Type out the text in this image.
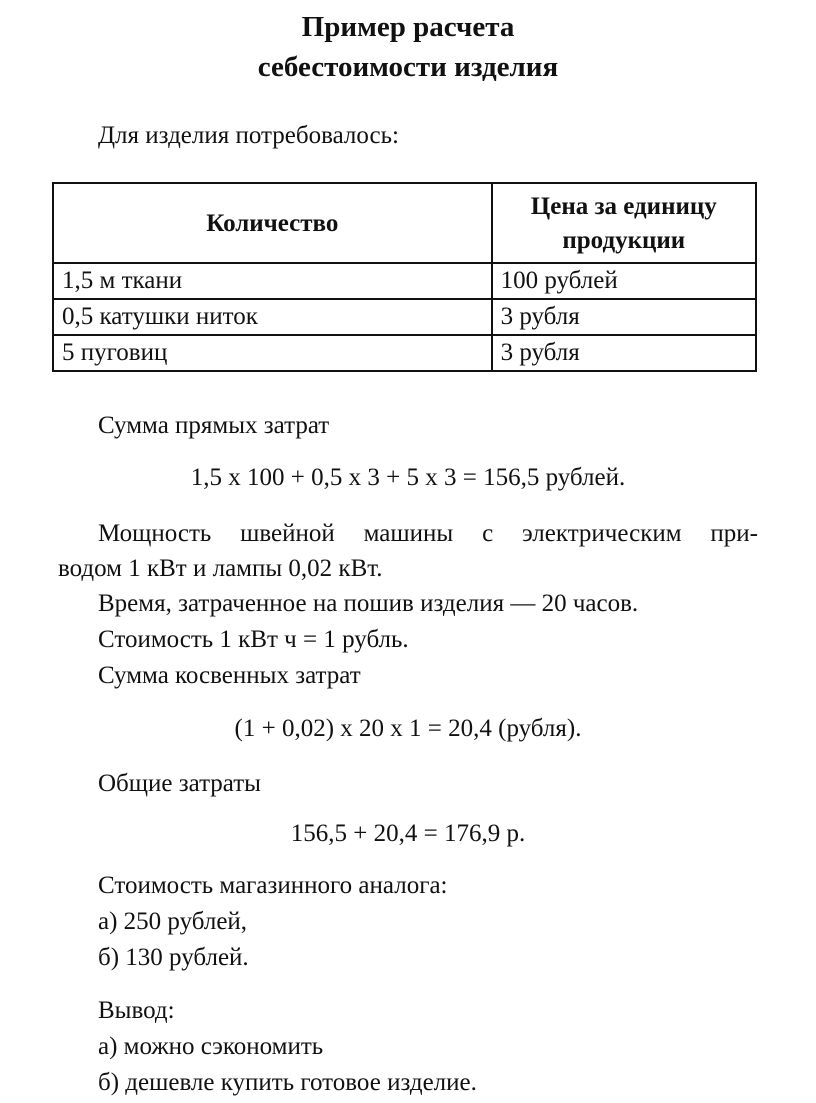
Пример расчета
себестоимости изделия
Для изделия потребовалось:
Количество	Цена за единицу продукции
1,5 м ткани	100 рублей
0,5 катушки ниток	3 рубля
5 пуговиц	3 рубля
Сумма прямых затрат
1,5 х 100 + 0,5 х 3 + 5 х 3 = 156,5 рублей.
Мощность швейной машины с электрическим при-
водом 1 кВт и лампы 0,02 кВт.
Время, затраченное на пошив изделия — 20 часов.
Стоимость 1 кВт ч = 1 рубль.
Сумма косвенных затрат
(1 + 0,02) х 20 х 1 = 20,4 (рубля).
Общие затраты
156,5 + 20,4 = 176,9 р.
Стоимость магазинного аналога:
а) 250 рублей,
б) 130 рублей.
Вывод:
а) можно сэкономить
б) дешевле купить готовое изделие.
